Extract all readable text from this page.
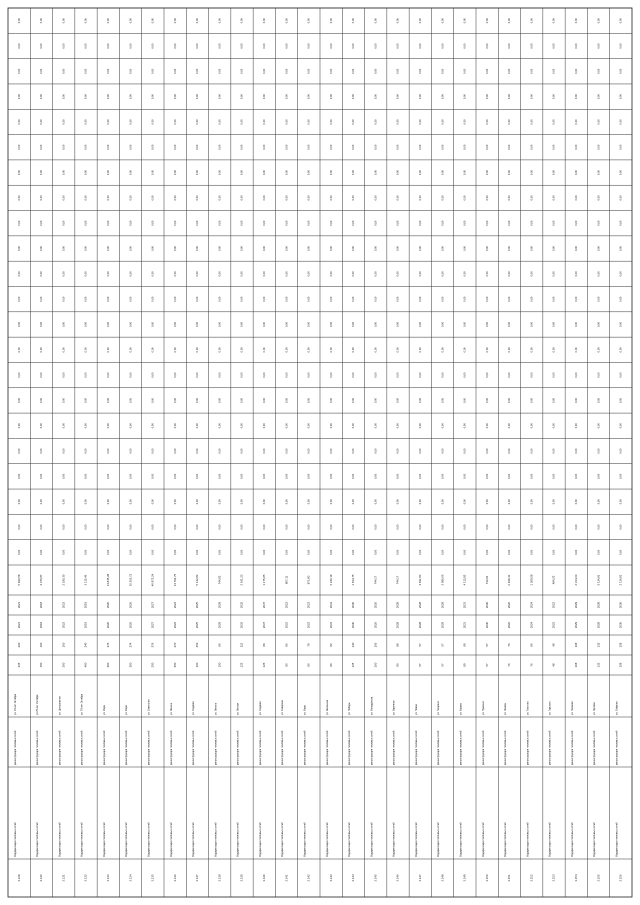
3.129
Модернизация тепловых сетей
реконструкция тепловых сетей
ул. 70-лет Октября
225
320
2021
2021
5 930,58
0,00
0,00
0,00
0,00
0,00
0,00
0,00
0,00
0,00
0,00
0,00
0,00
0,00
0,00
0,00
0,00
0,00
0,00
0,00
0,00
0,00
0,00
3.130
Модернизация тепловых сетей
реконструкция тепловых сетей
ул.70-лет Октября
150
160
2018
2018
4 370,87
0,00
0,00
0,00
0,00
0,00
0,00
0,00
0,00
0,00
0,00
0,00
0,00
0,00
0,00
0,00
0,00
0,00
0,00
0,00
0,00
0,00
0,00
3.131
Модернизация тепловых сетей
реконструкция тепловых сетей
ул. Центральная
200
100
2023
2023
2 180,30
0,00
0,00
0,00
0,00
0,00
0,00
0,00
0,00
0,00
0,00
0,00
0,00
0,00
0,00
0,00
0,00
0,00
0,00
0,00
0,00
0,00
0,00
3.132
Модернизация тепловых сетей
реконструкция тепловых сетей
ул. 70-лет Октября
400
240
2019
2019
3 115,46
0,00
0,00
0,00
0,00
0,00
0,00
0,00
0,00
0,00
0,00
0,00
0,00
0,00
0,00
0,00
0,00
0,00
0,00
0,00
0,00
0,00
0,00
3.133
Модернизация тепловых сетей
реконструкция тепловых сетей
ул. Мира
400
376
2020
2020
14 835,28
0,00
0,00
0,00
0,00
0,00
0,00
0,00
0,00
0,00
0,00
0,00
0,00
0,00
0,00
0,00
0,00
0,00
0,00
0,00
0,00
0,00
0,00
3.134
Модернизация тепловых сетей
реконструкция тепловых сетей
ул. Мира
300
374
2026
2026
10 302,72
0,00
0,00
0,00
0,00
0,00
0,00
0,00
0,00
0,00
0,00
0,00
0,00
0,00
0,00
0,00
0,00
0,00
0,00
0,00
0,00
0,00
0,00
3.135
Модернизация тепловых сетей
реконструкция тепловых сетей
ул. Советская
250
376
2027
2027
40 872,24
0,00
0,00
0,00
0,00
0,00
0,00
0,00
0,00
0,00
0,00
0,00
0,00
0,00
0,00
0,00
0,00
0,00
0,00
0,00
0,00
0,00
0,00
3.136
Модернизация тепловых сетей
реконструкция тепловых сетей
ул. Ленина
250
270
2022
2022
13 791,75
0,00
0,00
0,00
0,00
0,00
0,00
0,00
0,00
0,00
0,00
0,00
0,00
0,00
0,00
0,00
0,00
0,00
0,00
0,00
0,00
0,00
0,00
3.137
Модернизация тепловых сетей
реконструкция тепловых сетей
ул. Садовая
100
253
2025
2025
5 132,82
0,00
0,00
0,00
0,00
0,00
0,00
0,00
0,00
0,00
0,00
0,00
0,00
0,00
0,00
0,00
0,00
0,00
0,00
0,00
0,00
0,00
0,00
3.138
Модернизация тепловых сетей
реконструкция тепловых сетей
ул. Ленина
150
80
2029
2029
744,92
0,00
0,00
0,00
0,00
0,00
0,00
0,00
0,00
0,00
0,00
0,00
0,00
0,00
0,00
0,00
0,00
0,00
0,00
0,00
0,00
0,00
0,00
3.139
Модернизация тепловых сетей
реконструкция тепловых сетей
ул. Лесная
125
112
2032
2032
2 631,23
0,00
0,00
0,00
0,00
0,00
0,00
0,00
0,00
0,00
0,00
0,00
0,00
0,00
0,00
0,00
0,00
0,00
0,00
0,00
0,00
0,00
0,00
3.140
Модернизация тепловых сетей
реконструкция тепловых сетей
ул. Садовая
125
89
2037
2037
1 175,85
0,00
0,00
0,00
0,00
0,00
0,00
0,00
0,00
0,00
0,00
0,00
0,00
0,00
0,00
0,00
0,00
0,00
0,00
0,00
0,00
0,00
0,00
3.141
Модернизация тепловых сетей
реконструкция тепловых сетей
ул. Северная
80
86
2022
2022
807,11
0,00
0,00
0,00
0,00
0,00
0,00
0,00
0,00
0,00
0,00
0,00
0,00
0,00
0,00
0,00
0,00
0,00
0,00
0,00
0,00
0,00
0,00
3.142
Модернизация тепловых сетей
реконструкция тепловых сетей
ул. Мира
80
79
2023
2023
871,80
0,00
0,00
0,00
0,00
0,00
0,00
0,00
0,00
0,00
0,00
0,00
0,00
0,00
0,00
0,00
0,00
0,00
0,00
0,00
0,00
0,00
0,00
3.143
Модернизация тепловых сетей
реконструкция тепловых сетей
ул. Школьная
80
82
2031
2031
2 240,19
0,00
0,00
0,00
0,00
0,00
0,00
0,00
0,00
0,00
0,00
0,00
0,00
0,00
0,00
0,00
0,00
0,00
0,00
0,00
0,00
0,00
0,00
3.144
Модернизация тепловых сетей
реконструкция тепловых сетей
ул. Победы
125
130
2030
2030
1 814,75
0,00
0,00
0,00
0,00
0,00
0,00
0,00
0,00
0,00
0,00
0,00
0,00
0,00
0,00
0,00
0,00
0,00
0,00
0,00
0,00
0,00
0,00
3.145
Модернизация тепловых сетей
реконструкция тепловых сетей
ул. Молодёжная
100
106
2026
2026
744,17
0,00
0,00
0,00
0,00
0,00
0,00
0,00
0,00
0,00
0,00
0,00
0,00
0,00
0,00
0,00
0,00
0,00
0,00
0,00
0,00
0,00
0,00
3.146
Модернизация тепловых сетей
реконструкция тепловых сетей
ул. Заречная
80
88
2028
2028
744,17
0,00
0,00
0,00
0,00
0,00
0,00
0,00
0,00
0,00
0,00
0,00
0,00
0,00
0,00
0,00
0,00
0,00
0,00
0,00
0,00
0,00
0,00
3.147
Модернизация тепловых сетей
реконструкция тепловых сетей
ул. Новая
57
57
2028
2028
4 811,50
0,00
0,00
0,00
0,00
0,00
0,00
0,00
0,00
0,00
0,00
0,00
0,00
0,00
0,00
0,00
0,00
0,00
0,00
0,00
0,00
0,00
0,00
3.148
Модернизация тепловых сетей
реконструкция тепловых сетей
ул. Гагарина
57
57
2029
2029
3 096,05
0,00
0,00
0,00
0,00
0,00
0,00
0,00
0,00
0,00
0,00
0,00
0,00
0,00
0,00
0,00
0,00
0,00
0,00
0,00
0,00
0,00
0,00
3.149
Модернизация тепловых сетей
реконструкция тепловых сетей
ул. Кирова
89
89
2031
2031
4 113,95
0,00
0,00
0,00
0,00
0,00
0,00
0,00
0,00
0,00
0,00
0,00
0,00
0,00
0,00
0,00
0,00
0,00
0,00
0,00
0,00
0,00
0,00
3.150
Модернизация тепловых сетей
реконструкция тепловых сетей
ул. Пушкина
57
57
2030
2030
743,91
0,00
0,00
0,00
0,00
0,00
0,00
0,00
0,00
0,00
0,00
0,00
0,00
0,00
0,00
0,00
0,00
0,00
0,00
0,00
0,00
0,00
0,00
3.151
Модернизация тепловых сетей
реконструкция тепловых сетей
ул. Чехова
76
76
2026
2026
6 939,31
0,00
0,00
0,00
0,00
0,00
0,00
0,00
0,00
0,00
0,00
0,00
0,00
0,00
0,00
0,00
0,00
0,00
0,00
0,00
0,00
0,00
0,00
3.152
Модернизация тепловых сетей
реконструкция тепловых сетей
ул. Толстого
76
86
2024
2024
1 309,58
0,00
0,00
0,00
0,00
0,00
0,00
0,00
0,00
0,00
0,00
0,00
0,00
0,00
0,00
0,00
0,00
0,00
0,00
0,00
0,00
0,00
0,00
3.153
Модернизация тепловых сетей
реконструкция тепловых сетей
ул. Горького
48
48
2022
2022
484,25
0,00
0,00
0,00
0,00
0,00
0,00
0,00
0,00
0,00
0,00
0,00
0,00
0,00
0,00
0,00
0,00
0,00
0,00
0,00
0,00
0,00
0,00
3.154
Модернизация тепловых сетей
реконструкция тепловых сетей
ул. Полевая
108
108
2029
2029
2 314,63
0,00
0,00
0,00
0,00
0,00
0,00
0,00
0,00
0,00
0,00
0,00
0,00
0,00
0,00
0,00
0,00
0,00
0,00
0,00
0,00
0,00
0,00
3.155
Модернизация тепловых сетей
реконструкция тепловых сетей
ул. Луговая
133
133
2028
2028
5 114,81
0,00
0,00
0,00
0,00
0,00
0,00
0,00
0,00
0,00
0,00
0,00
0,00
0,00
0,00
0,00
0,00
0,00
0,00
0,00
0,00
0,00
0,00
3.156
Модернизация тепловых сетей
реконструкция тепловых сетей
ул. Озёрная
159
159
2030
2030
2 114,81
0,00
0,00
0,00
0,00
0,00
0,00
0,00
0,00
0,00
0,00
0,00
0,00
0,00
0,00
0,00
0,00
0,00
0,00
0,00
0,00
0,00
0,00
